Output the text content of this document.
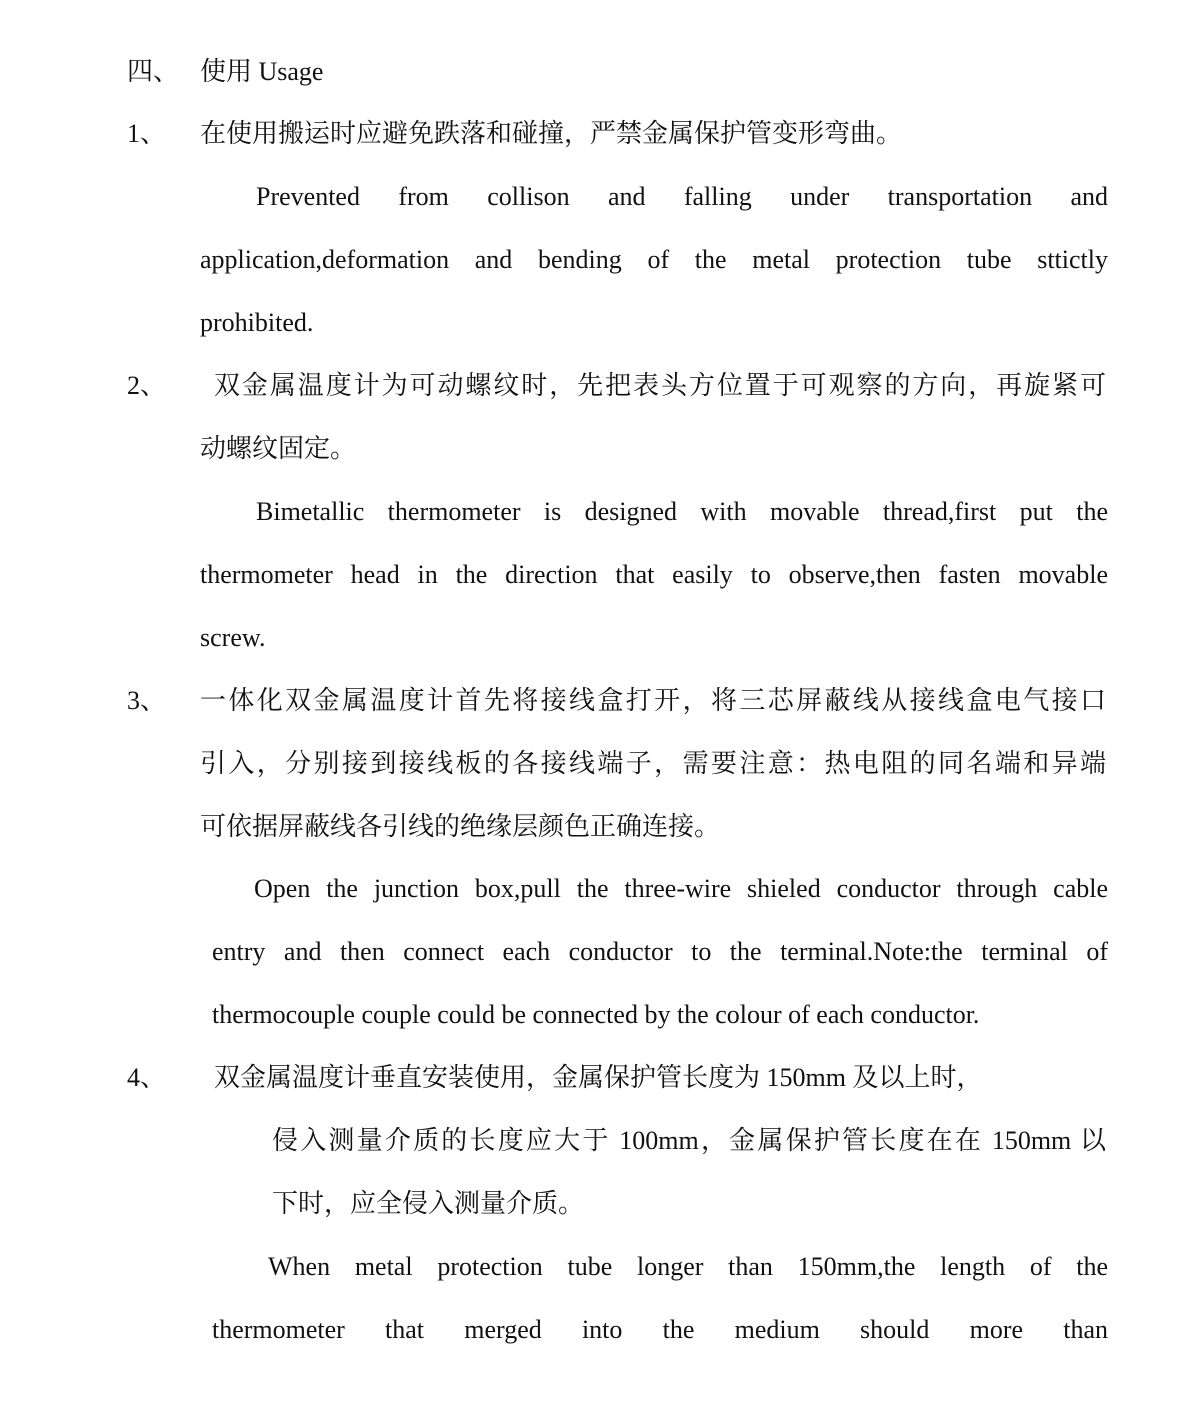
四、 使用 Usage
1、 在使用搬运时应避免跌落和碰撞，严禁金属保护管变形弯曲。
Prevented from collison and falling under transportation and
application,deformation and bending of the metal protection tube sttictly
prohibited.
2、 双金属温度计为可动螺纹时，先把表头方位置于可观察的方向，再旋紧可
动螺纹固定。
Bimetallic thermometer is designed with movable thread,first put the
thermometer head in the direction that easily to observe,then fasten movable
screw.
3、 一体化双金属温度计首先将接线盒打开，将三芯屏蔽线从接线盒电气接口
引入，分别接到接线板的各接线端子，需要注意：热电阻的同名端和异端
可依据屏蔽线各引线的绝缘层颜色正确连接。
Open the junction box,pull the three-wire shieled conductor through cable
entry and then connect each conductor to the terminal.Note:the terminal of
thermocouple couple could be connected by the colour of each conductor.
4、 双金属温度计垂直安装使用，金属保护管长度为 150mm 及以上时，
侵入测量介质的长度应大于 100mm，金属保护管长度在在 150mm 以
下时，应全侵入测量介质。
When metal protection tube longer than 150mm,the length of the
thermometer that merged into the medium should more than
